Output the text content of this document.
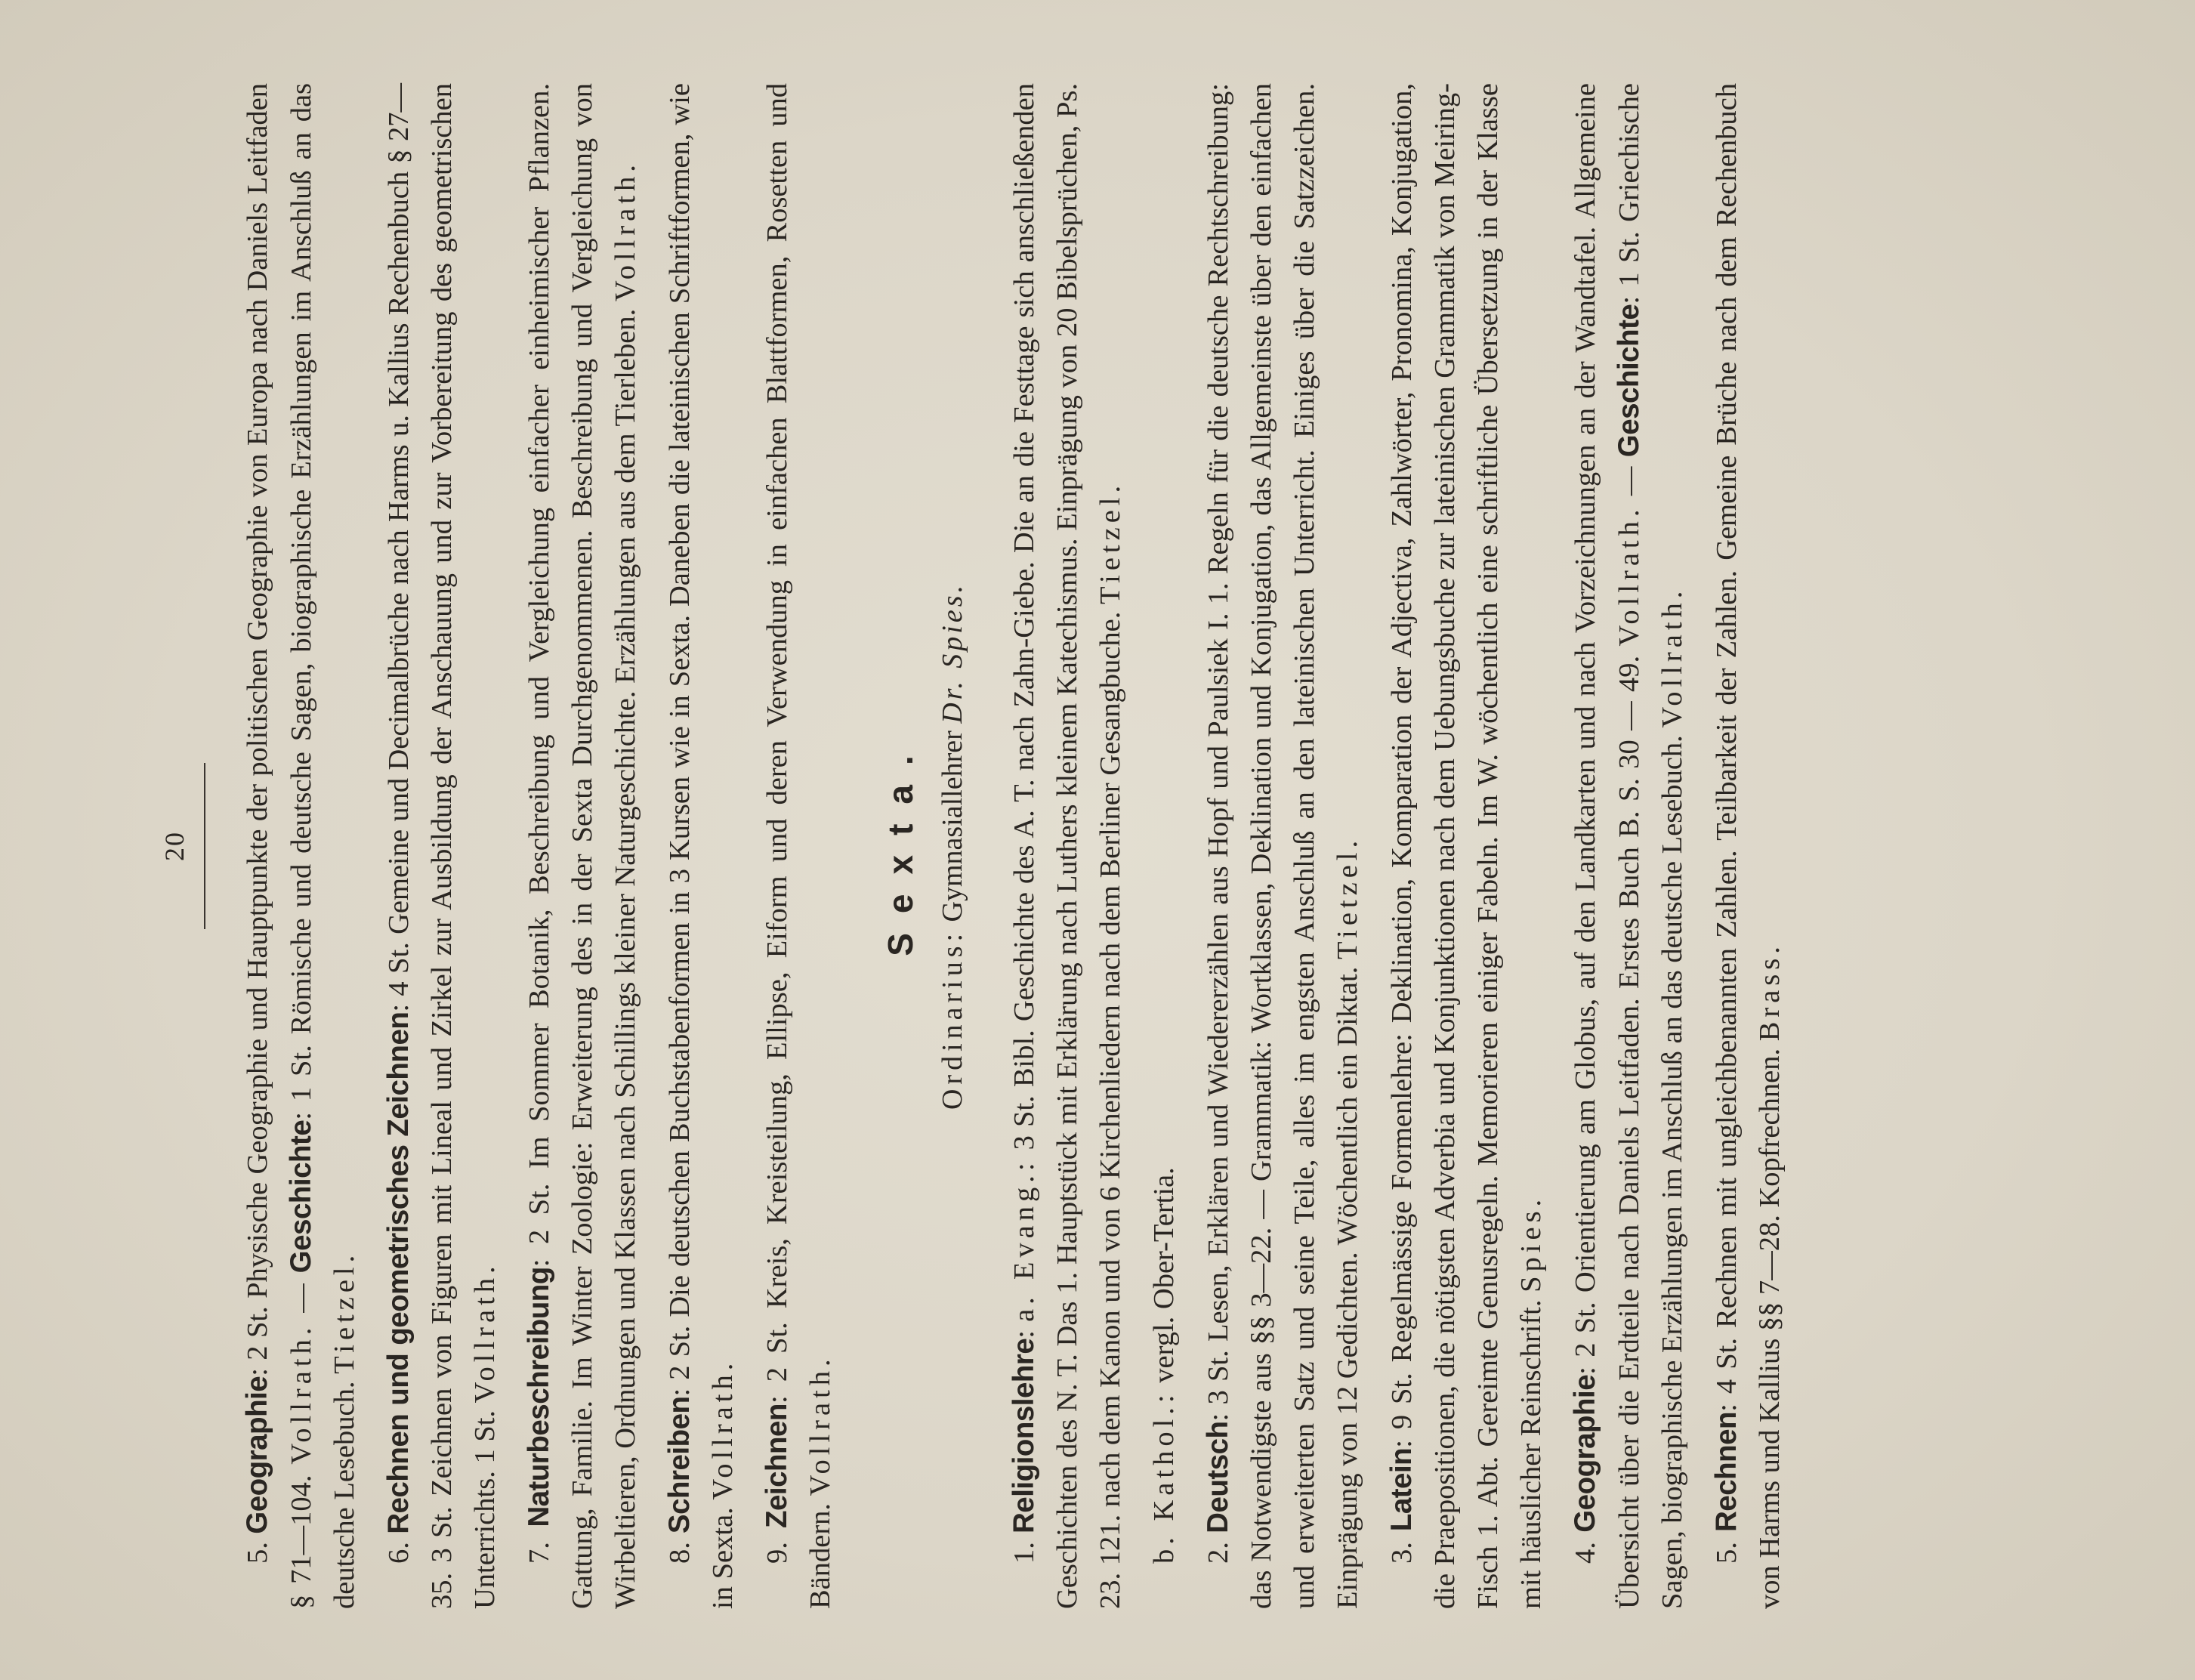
20

5. Geographie: 2 St. Physische Geographie und Hauptpunkte der politischen Geographie von Europa nach Daniels Leitfaden § 71—104. Vollrath. — Geschichte: 1 St. Römische und deutsche Sagen, biographische Erzählungen im Anschluß an das deutsche Lesebuch. Tietzel.

6. Rechnen und geometrisches Zeichnen: 4 St. Gemeine und Decimalbrüche nach Harms u. Kallius Rechenbuch § 27—35. 3 St. Zeichnen von Figuren mit Lineal und Zirkel zur Ausbildung der Anschauung und zur Vorbereitung des geometrischen Unterrichts. 1 St. Vollrath.

7. Naturbeschreibung: 2 St. Im Sommer Botanik, Beschreibung und Vergleichung einfacher einheimischer Pflanzen. Gattung, Familie. Im Winter Zoologie: Erweiterung des in der Sexta Durchgenommenen. Beschreibung und Vergleichung von Wirbeltieren, Ordnungen und Klassen nach Schillings kleiner Naturgeschichte. Erzählungen aus dem Tierleben. Vollrath.

8. Schreiben: 2 St. Die deutschen Buchstabenformen in 3 Kursen wie in Sexta. Daneben die lateinischen Schriftformen, wie in Sexta. Vollrath.

9. Zeichnen: 2 St. Kreis, Kreisteilung, Ellipse, Eiform und deren Verwendung in einfachen Blattformen, Rosetten und Bändern. Vollrath.

Sexta.
Ordinarius: Gymnasiallehrer Dr. Spies.

1. Religionslehre: a. Evang.: 3 St. Bibl. Geschichte des A. T. nach Zahn-Giebe. Die an die Festtage sich anschließenden Geschichten des N. T. Das 1. Hauptstück mit Erklärung nach Luthers kleinem Katechismus. Einprägung von 20 Bibelsprüchen, Ps. 23. 121. nach dem Kanon und von 6 Kirchenliedern nach dem Berliner Gesangbuche. Tietzel.

b. Kathol.: vergl. Ober-Tertia.

2. Deutsch: 3 St. Lesen, Erklären und Wiedererzählen aus Hopf und Paulsiek I. 1. Regeln für die deutsche Rechtschreibung: das Notwendigste aus §§ 3—22. — Grammatik: Wortklassen, Deklination und Konjugation, das Allgemeinste über den einfachen und erweiterten Satz und seine Teile, alles im engsten Anschluß an den lateinischen Unterricht. Einiges über die Satzzeichen. Einprägung von 12 Gedichten. Wöchentlich ein Diktat. Tietzel.

3. Latein: 9 St. Regelmässige Formenlehre: Deklination, Komparation der Adjectiva, Zahlwörter, Pronomina, Konjugation, die Praepositionen, die nötigsten Adverbia und Konjunktionen nach dem Uebungsbuche zur lateinischen Grammatik von Meiring-Fisch 1. Abt. Gereimte Genusregeln. Memorieren einiger Fabeln. Im W. wöchentlich eine schriftliche Übersetzung in der Klasse mit häuslicher Reinschrift. Spies.

4. Geographie: 2 St. Orientierung am Globus, auf den Landkarten und nach Vorzeichnungen an der Wandtafel. Allgemeine Übersicht über die Erdteile nach Daniels Leitfaden. Erstes Buch B. S. 30 — 49. Vollrath. — Geschichte: 1 St. Griechische Sagen, biographische Erzählungen im Anschluß an das deutsche Lesebuch. Vollrath.

5. Rechnen: 4 St. Rechnen mit ungleichbenannten Zahlen. Teilbarkeit der Zahlen. Gemeine Brüche nach dem Rechenbuch von Harms und Kallius §§ 7—28. Kopfrechnen. Brass.
